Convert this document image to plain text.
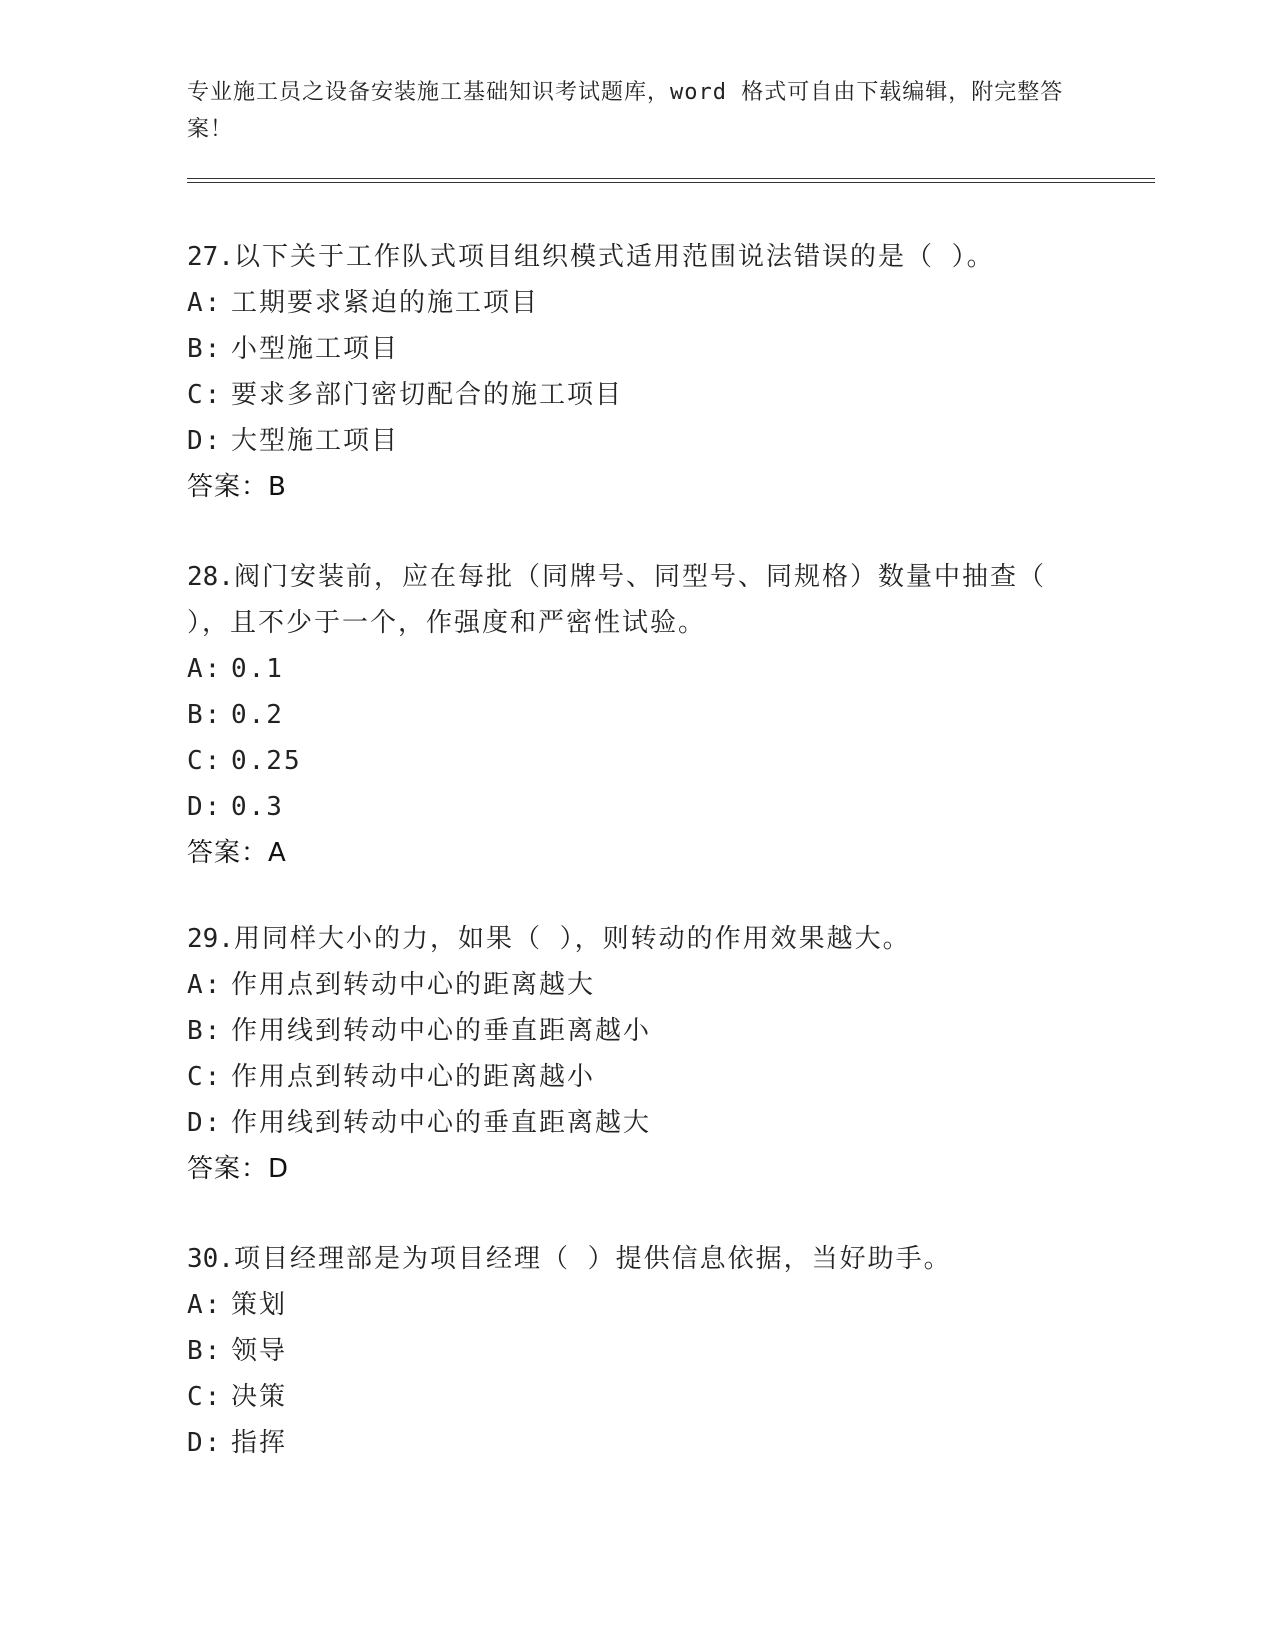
专业施工员之设备安装施工基础知识考试题库，word 格式可自由下载编辑，附完整答案！

27.以下关于工作队式项目组织模式适用范围说法错误的是（ ）。

A: 工期要求紧迫的施工项目

B: 小型施工项目

C: 要求多部门密切配合的施工项目

D: 大型施工项目

答案：B

28.阀门安装前，应在每批（同牌号、同型号、同规格）数量中抽查（ ），且不少于一个，作强度和严密性试验。

A: 0.1

B: 0.2

C: 0.25

D: 0.3

答案：A

29.用同样大小的力，如果（ ），则转动的作用效果越大。

A: 作用点到转动中心的距离越大

B: 作用线到转动中心的垂直距离越小

C: 作用点到转动中心的距离越小

D: 作用线到转动中心的垂直距离越大

答案：D

30.项目经理部是为项目经理（ ）提供信息依据，当好助手。

A: 策划

B: 领导

C: 决策

D: 指挥
